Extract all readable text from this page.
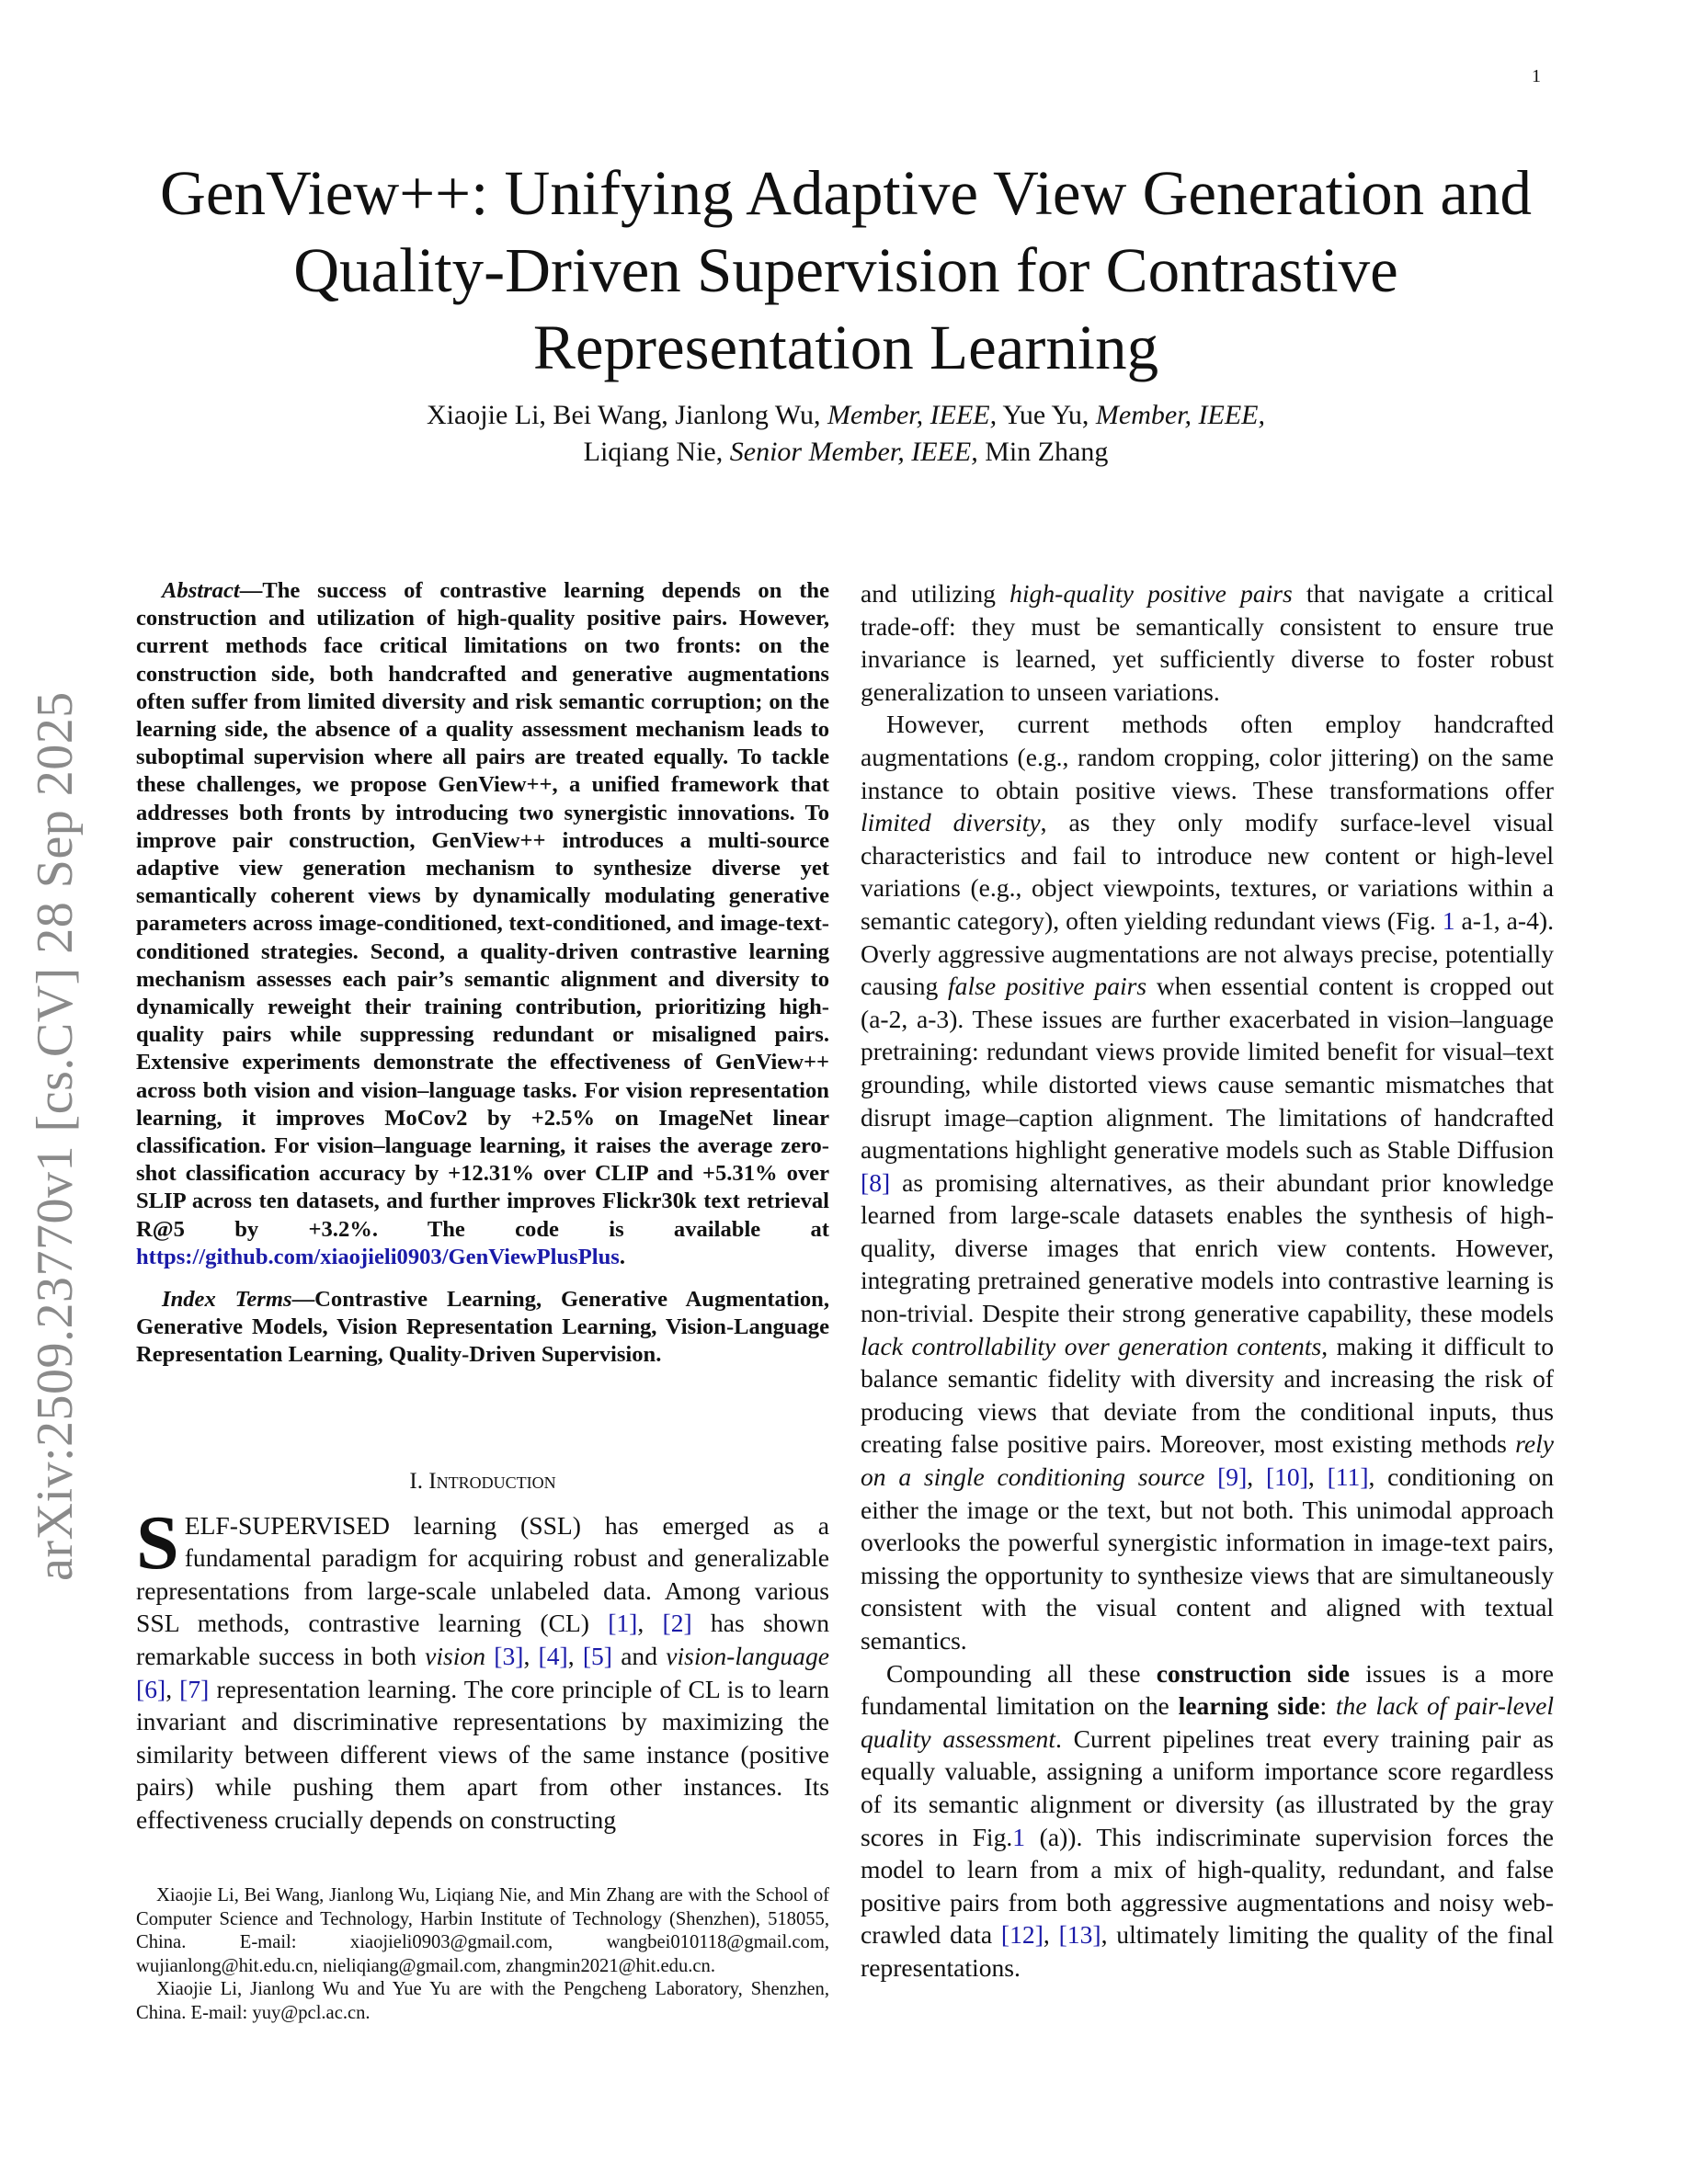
1
arXiv:2509.23770v1 [cs.CV] 28 Sep 2025
GenView++: Unifying Adaptive View Generation and Quality-Driven Supervision for Contrastive Representation Learning
Xiaojie Li, Bei Wang, Jianlong Wu, Member, IEEE, Yue Yu, Member, IEEE,
Liqiang Nie, Senior Member, IEEE, Min Zhang

Abstract—The success of contrastive learning depends on the construction and utilization of high-quality positive pairs. However, current methods face critical limitations on two fronts: on the construction side, both handcrafted and generative augmentations often suffer from limited diversity and risk semantic corruption; on the learning side, the absence of a quality assessment mechanism leads to suboptimal supervision where all pairs are treated equally. To tackle these challenges, we propose GenView++, a unified framework that addresses both fronts by introducing two synergistic innovations. To improve pair construction, GenView++ introduces a multi-source adaptive view generation mechanism to synthesize diverse yet semantically coherent views by dynamically modulating generative parameters across image-conditioned, text-conditioned, and image-text-conditioned strategies. Second, a quality-driven contrastive learning mechanism assesses each pair’s semantic alignment and diversity to dynamically reweight their training contribution, prioritizing high-quality pairs while suppressing redundant or misaligned pairs. Extensive experiments demonstrate the effectiveness of GenView++ across both vision and vision–language tasks. For vision representation learning, it improves MoCov2 by +2.5% on ImageNet linear classification. For vision–language learning, it raises the average zero-shot classification accuracy by +12.31% over CLIP and +5.31% over SLIP across ten datasets, and further improves Flickr30k text retrieval R@5 by +3.2%. The code is available at https://github.com/xiaojieli0903/GenViewPlusPlus.

Index Terms—Contrastive Learning, Generative Augmentation, Generative Models, Vision Representation Learning, Vision-Language Representation Learning, Quality-Driven Supervision.

I. Introduction

SELF-SUPERVISED learning (SSL) has emerged as a fundamental paradigm for acquiring robust and generalizable representations from large-scale unlabeled data. Among various SSL methods, contrastive learning (CL) [1], [2] has shown remarkable success in both vision [3], [4], [5] and vision-language [6], [7] representation learning. The core principle of CL is to learn invariant and discriminative representations by maximizing the similarity between different views of the same instance (positive pairs) while pushing them apart from other instances. Its effectiveness crucially depends on constructing

and utilizing high-quality positive pairs that navigate a critical trade-off: they must be semantically consistent to ensure true invariance is learned, yet sufficiently diverse to foster robust generalization to unseen variations.

However, current methods often employ handcrafted augmentations (e.g., random cropping, color jittering) on the same instance to obtain positive views. These transformations offer limited diversity, as they only modify surface-level visual characteristics and fail to introduce new content or high-level variations (e.g., object viewpoints, textures, or variations within a semantic category), often yielding redundant views (Fig. 1 a-1, a-4). Overly aggressive augmentations are not always precise, potentially causing false positive pairs when essential content is cropped out (a-2, a-3). These issues are further exacerbated in vision–language pretraining: redundant views provide limited benefit for visual–text grounding, while distorted views cause semantic mismatches that disrupt image–caption alignment. The limitations of handcrafted augmentations highlight generative models such as Stable Diffusion [8] as promising alternatives, as their abundant prior knowledge learned from large-scale datasets enables the synthesis of high-quality, diverse images that enrich view contents. However, integrating pretrained generative models into contrastive learning is non-trivial. Despite their strong generative capability, these models lack controllability over generation contents, making it difficult to balance semantic fidelity with diversity and increasing the risk of producing views that deviate from the conditional inputs, thus creating false positive pairs. Moreover, most existing methods rely on a single conditioning source [9], [10], [11], conditioning on either the image or the text, but not both. This unimodal approach overlooks the powerful synergistic information in image-text pairs, missing the opportunity to synthesize views that are simultaneously consistent with the visual content and aligned with textual semantics.

Compounding all these construction side issues is a more fundamental limitation on the learning side: the lack of pair-level quality assessment. Current pipelines treat every training pair as equally valuable, assigning a uniform importance score regardless of its semantic alignment or diversity (as illustrated by the gray scores in Fig.1 (a)). This indiscriminate supervision forces the model to learn from a mix of high-quality, redundant, and false positive pairs from both aggressive augmentations and noisy web-crawled data [12], [13], ultimately limiting the quality of the final representations.

Xiaojie Li, Bei Wang, Jianlong Wu, Liqiang Nie, and Min Zhang are with the School of Computer Science and Technology, Harbin Institute of Technology (Shenzhen), 518055, China. E-mail: xiaojieli0903@gmail.com, wangbei010118@gmail.com, wujianlong@hit.edu.cn, nieliqiang@gmail.com, zhangmin2021@hit.edu.cn.

Xiaojie Li, Jianlong Wu and Yue Yu are with the Pengcheng Laboratory, Shenzhen, China. E-mail: yuy@pcl.ac.cn.
